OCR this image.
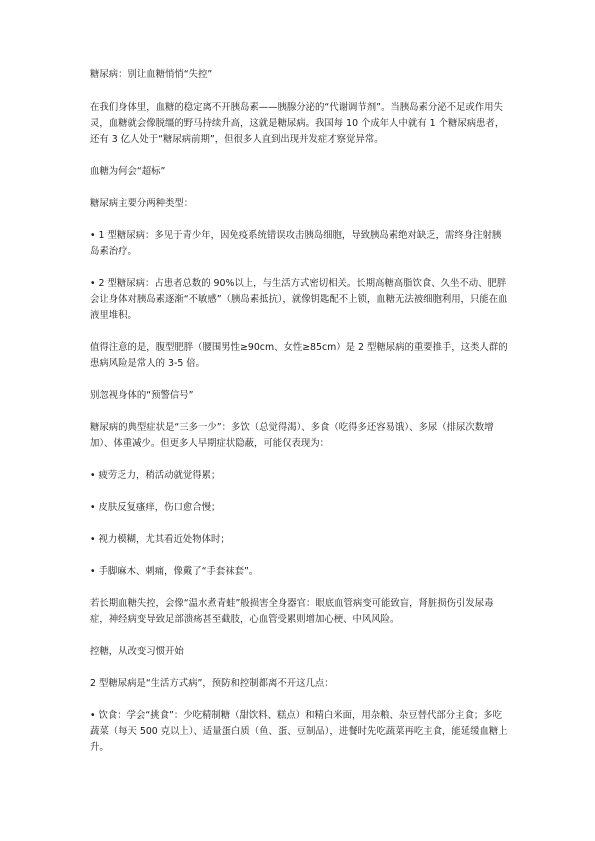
糖尿病：别让血糖悄悄“失控”

在我们身体里，血糖的稳定离不开胰岛素——胰腺分泌的“代谢调节剂”。当胰岛素分泌不足或作用失灵，血糖就会像脱缰的野马持续升高，这就是糖尿病。我国每 10 个成年人中就有 1 个糖尿病患者，还有 3 亿人处于“糖尿病前期”，但很多人直到出现并发症才察觉异常。

血糖为何会“超标”

糖尿病主要分两种类型：

• 1 型糖尿病：多见于青少年，因免疫系统错误攻击胰岛细胞，导致胰岛素绝对缺乏，需终身注射胰岛素治疗。

• 2 型糖尿病：占患者总数的 90%以上，与生活方式密切相关。长期高糖高脂饮食、久坐不动、肥胖会让身体对胰岛素逐渐“不敏感”（胰岛素抵抗），就像钥匙配不上锁，血糖无法被细胞利用，只能在血液里堆积。

值得注意的是，腹型肥胖（腰围男性≥90cm、女性≥85cm）是 2 型糖尿病的重要推手，这类人群的患病风险是常人的 3-5 倍。

别忽视身体的“预警信号”

糖尿病的典型症状是“三多一少”：多饮（总觉得渴）、多食（吃得多还容易饿）、多尿（排尿次数增加）、体重减少。但更多人早期症状隐蔽，可能仅表现为：

• 疲劳乏力，稍活动就觉得累；

• 皮肤反复瘙痒，伤口愈合慢；

• 视力模糊，尤其看近处物体时；

• 手脚麻木、刺痛，像戴了“手套袜套”。

若长期血糖失控，会像“温水煮青蛙”般损害全身器官：眼底血管病变可能致盲，肾脏损伤引发尿毒症，神经病变导致足部溃疡甚至截肢，心血管受累则增加心梗、中风风险。

控糖，从改变习惯开始

2 型糖尿病是“生活方式病”，预防和控制都离不开这几点：

• 饮食：学会“挑食”：少吃精制糖（甜饮料、糕点）和精白米面，用杂粮、杂豆替代部分主食；多吃蔬菜（每天 500 克以上）、适量蛋白质（鱼、蛋、豆制品），进餐时先吃蔬菜再吃主食，能延缓血糖上升。
